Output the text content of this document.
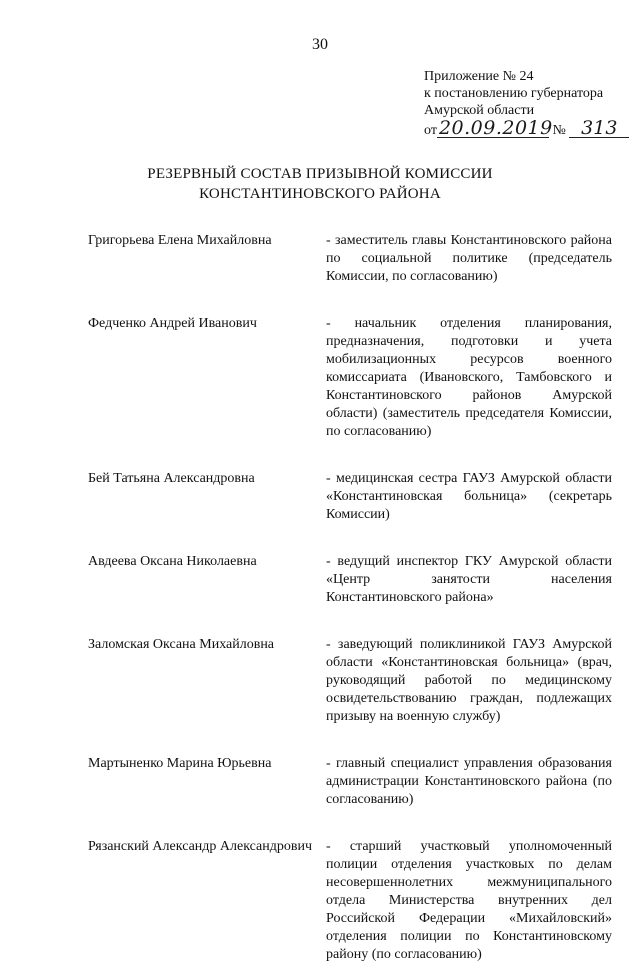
30
Приложение № 24
к постановлению губернатора
Амурской области
от 20.09.2019 № 313
РЕЗЕРВНЫЙ СОСТАВ ПРИЗЫВНОЙ КОМИССИИ
КОНСТАНТИНОВСКОГО РАЙОНА
Григорьева Елена Михайловна	- заместитель главы Константиновского района по социальной политике (председатель Комиссии, по согласованию)
Федченко Андрей Иванович	- начальник отделения планирования, предназначения, подготовки и учета мобилизационных ресурсов военного комиссариата (Ивановского, Тамбовского и Константиновского районов Амурской области) (заместитель председателя Комиссии, по согласованию)
Бей Татьяна Александровна	- медицинская сестра ГАУЗ Амурской области «Константиновская больница» (секретарь Комиссии)
Авдеева Оксана Николаевна	- ведущий инспектор ГКУ Амурской области «Центр занятости населения Константиновского района»
Заломская Оксана Михайловна	- заведующий поликлиникой ГАУЗ Амурской области «Константиновская больница» (врач, руководящий работой по медицинскому освидетельствованию граждан, подлежащих призыву на военную службу)
Мартыненко Марина Юрьевна	- главный специалист управления образования администрации Константиновского района (по согласованию)
Рязанский Александр Александрович - старший участковый уполномоченный полиции отделения участковых по делам несовершеннолетних межмуниципального отдела Министерства внутренних дел Российской Федерации «Михайловский» отделения полиции по Константиновскому району (по согласованию)
